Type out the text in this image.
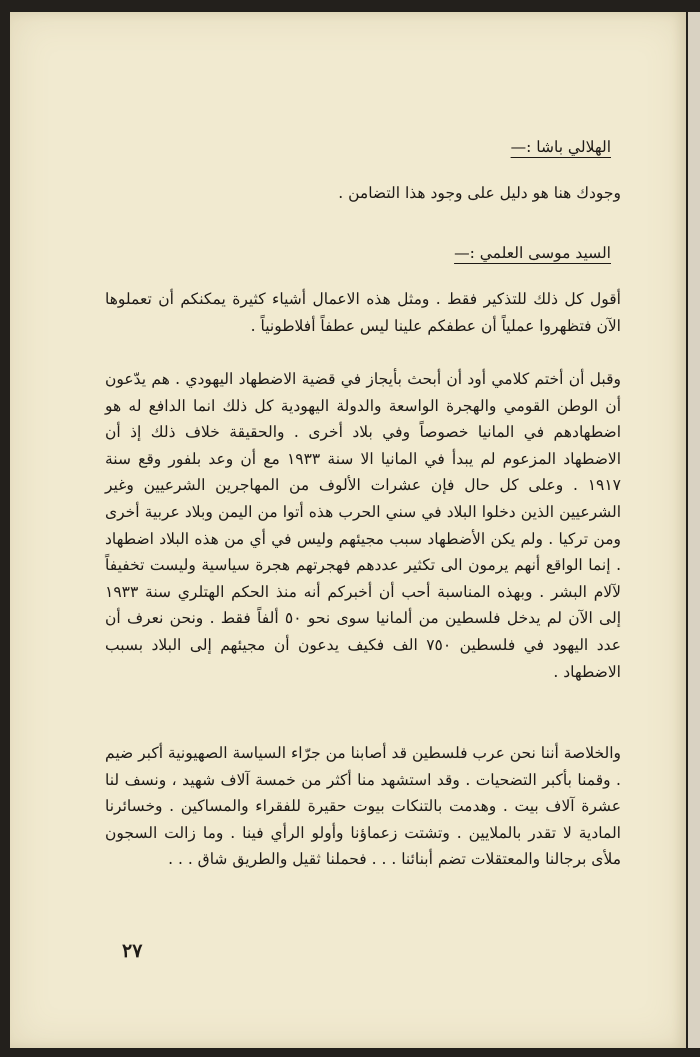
الهلالي باشا :—
وجودك هنا هو دليل على وجود هذا التضامن .
السيد موسى العلمي :—
أقول كل ذلك للتذكير فقط . ومثل هذه الاعمال أشياء كثيرة يمكنكم أن تعملوها الآن فتظهروا عملياً أن عطفكم علينا ليس عطفاً أفلاطونياً .
وقبل أن أختم كلامي أود أن أبحث بأيجاز في قضية الاضطهاد اليهودي . هم يدّعون أن الوطن القومي والهجرة الواسعة والدولة اليهودية كل ذلك انما الدافع له هو اضطهادهم في المانيا خصوصاً وفي بلاد أخرى . والحقيقة خلاف ذلك إذ أن الاضطهاد المزعوم لم يبدأ في المانيا الا سنة ١٩٣٣ مع أن وعد بلفور وقع سنة ١٩١٧ . وعلى كل حال فإن عشرات الألوف من المهاجرين الشرعيين وغير الشرعيين الذين دخلوا البلاد في سني الحرب هذه أتوا من اليمن وبلاد عربية أخرى ومن تركيا . ولم يكن الأضطهاد سبب مجيئهم وليس في أي من هذه البلاد اضطهاد . إنما الواقع أنهم يرمون الى تكثير عددهم فهجرتهم هجرة سياسية وليست تخفيفاً لآلام البشر . وبهذه المناسبة أحب أن أخبركم أنه منذ الحكم الهتلري سنة ١٩٣٣ إلى الآن لم يدخل فلسطين من ألمانيا سوى نحو ٥٠ ألفاً فقط . ونحن نعرف أن عدد اليهود في فلسطين ٧٥٠ الف فكيف يدعون أن مجيئهم إلى البلاد بسبب الاضطهاد .
والخلاصة أننا نحن عرب فلسطين قد أصابنا من جرّاء السياسة الصهيونية أكبر ضيم . وقمنا بأكبر التضحيات . وقد استشهد منا أكثر من خمسة آلاف شهيد ، ونسف لنا عشرة آلاف بيت . وهدمت بالتنكات بيوت حقيرة للفقراء والمساكين . وخسائرنا المادية لا تقدر بالملايين . وتشتت زعماؤنا وأولو الرأي فينا . وما زالت السجون ملأى برجالنا والمعتقلات تضم أبنائنا . . . فحملنا ثقيل والطريق شاق . . .
٢٧
